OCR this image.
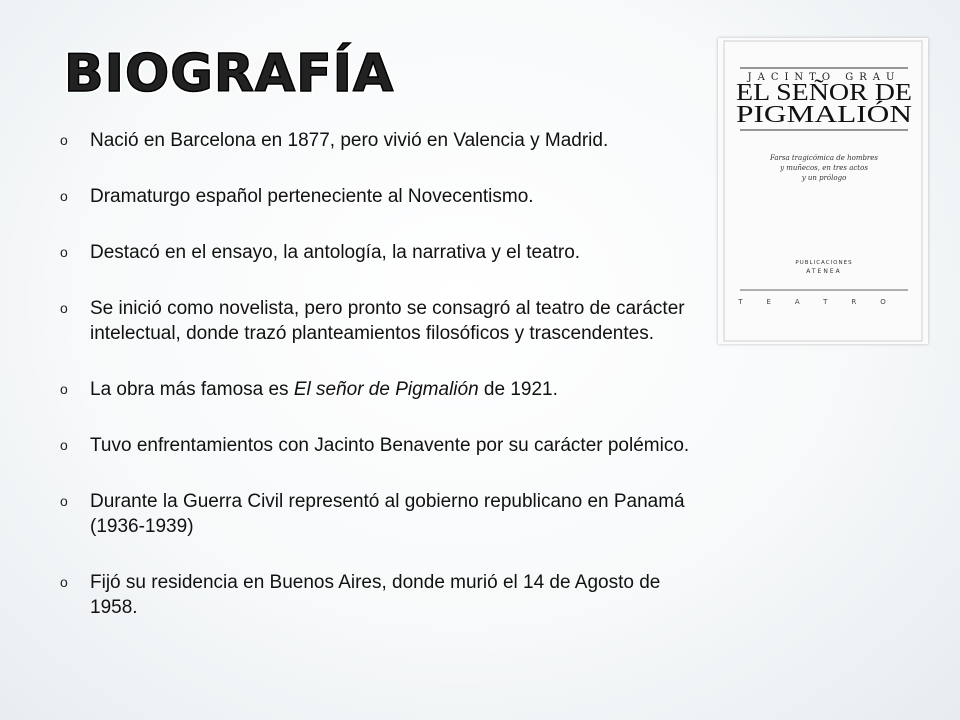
BIOGRAFÍA
o Nació en Barcelona en 1877, pero vivió en Valencia y Madrid.
o Dramaturgo español perteneciente al Novecentismo.
o Destacó en el ensayo, la antología, la narrativa y el teatro.
o Se inició como novelista, pero pronto se consagró al teatro de carácter intelectual, donde trazó planteamientos filosóficos y trascendentes.
o La obra más famosa es El señor de Pigmalión de 1921.
o Tuvo enfrentamientos con Jacinto Benavente por su carácter polémico.
o Durante la Guerra Civil representó al gobierno republicano en Panamá (1936-1939)
o Fijó su residencia en Buenos Aires, donde murió el 14 de Agosto de 1958.
JACINTO GRAU
EL SEÑOR DE
PIGMALIÓN
Farsa tragicómica de hombres
y muñecos, en tres actos
y un prólogo
PUBLICACIONES
ATENEA
TEATRO
